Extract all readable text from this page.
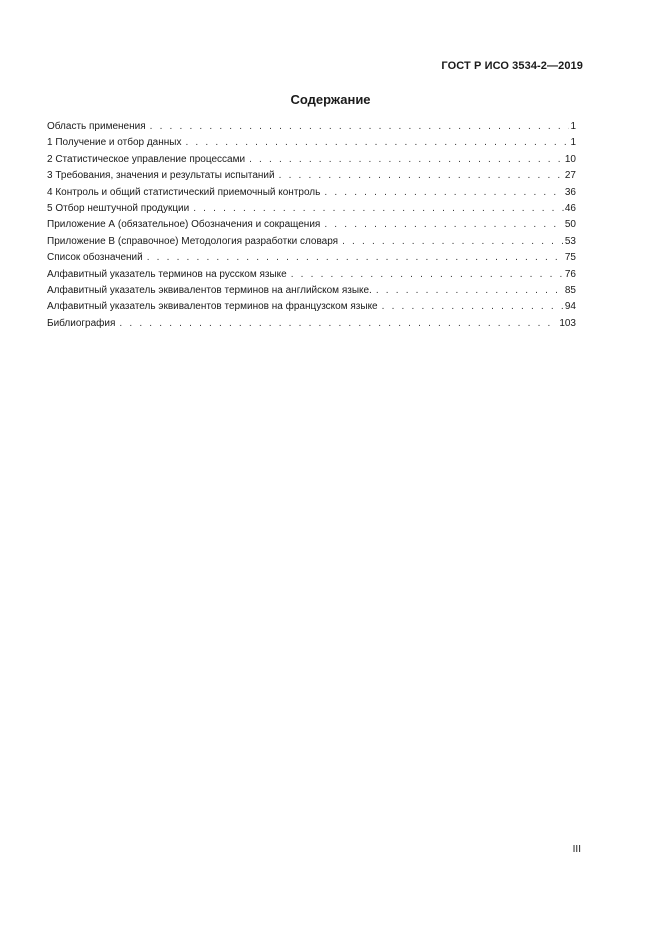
ГОСТ Р ИСО 3534-2—2019
Содержание
Область применения . . .	1
1 Получение и отбор данных . . .	1
2 Статистическое управление процессами . . .	10
3 Требования, значения и результаты испытаний . . .	27
4 Контроль и общий статистический приемочный контроль . . .	36
5 Отбор нештучной продукции . . .	46
Приложение А (обязательное) Обозначения и сокращения . . .	50
Приложение В (справочное) Методология разработки словаря . . .	53
Список обозначений . . .	75
Алфавитный указатель терминов на русском языке . . .	76
Алфавитный указатель эквивалентов терминов на английском языке. . . .	85
Алфавитный указатель эквивалентов терминов на французском языке . . .	94
Библиография . . .	103
III
